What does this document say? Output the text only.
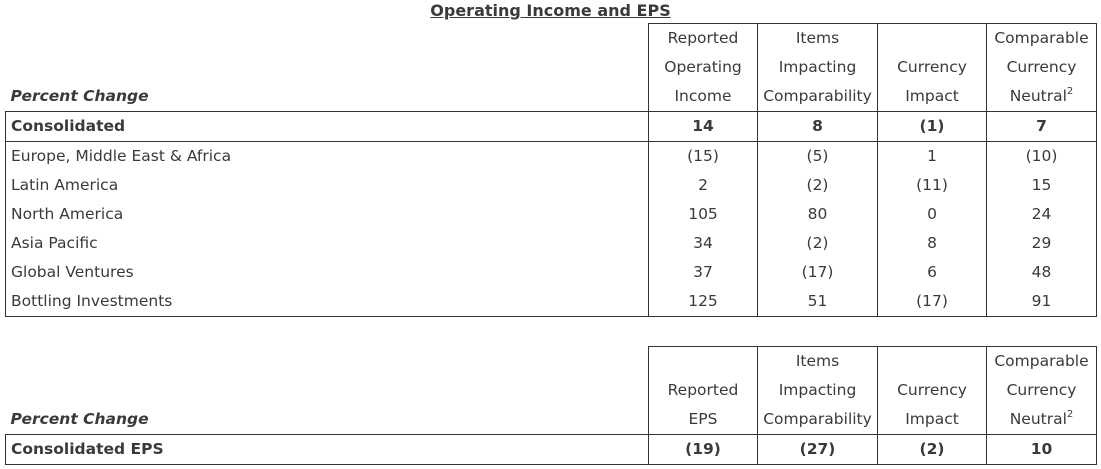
Operating Income and EPS
	Reported	Items		Comparable
	Operating	Impacting	Currency	Currency
Percent Change	Income	Comparability	Impact	Neutral$^2$
Consolidated	14	8	(1)	7
Europe, Middle East & Africa	(15)	(5)	1	(10)
Latin America	2	(2)	(11)	15
North America	105	80	0	24
Asia Pacific	34	(2)	8	29
Global Ventures	37	(17)	6	48
Bottling Investments	125	51	(17)	91
		Items		Comparable
	Reported	Impacting	Currency	Currency
Percent Change	EPS	Comparability	Impact	Neutral$^2$
Consolidated EPS	(19)	(27)	(2)	10
